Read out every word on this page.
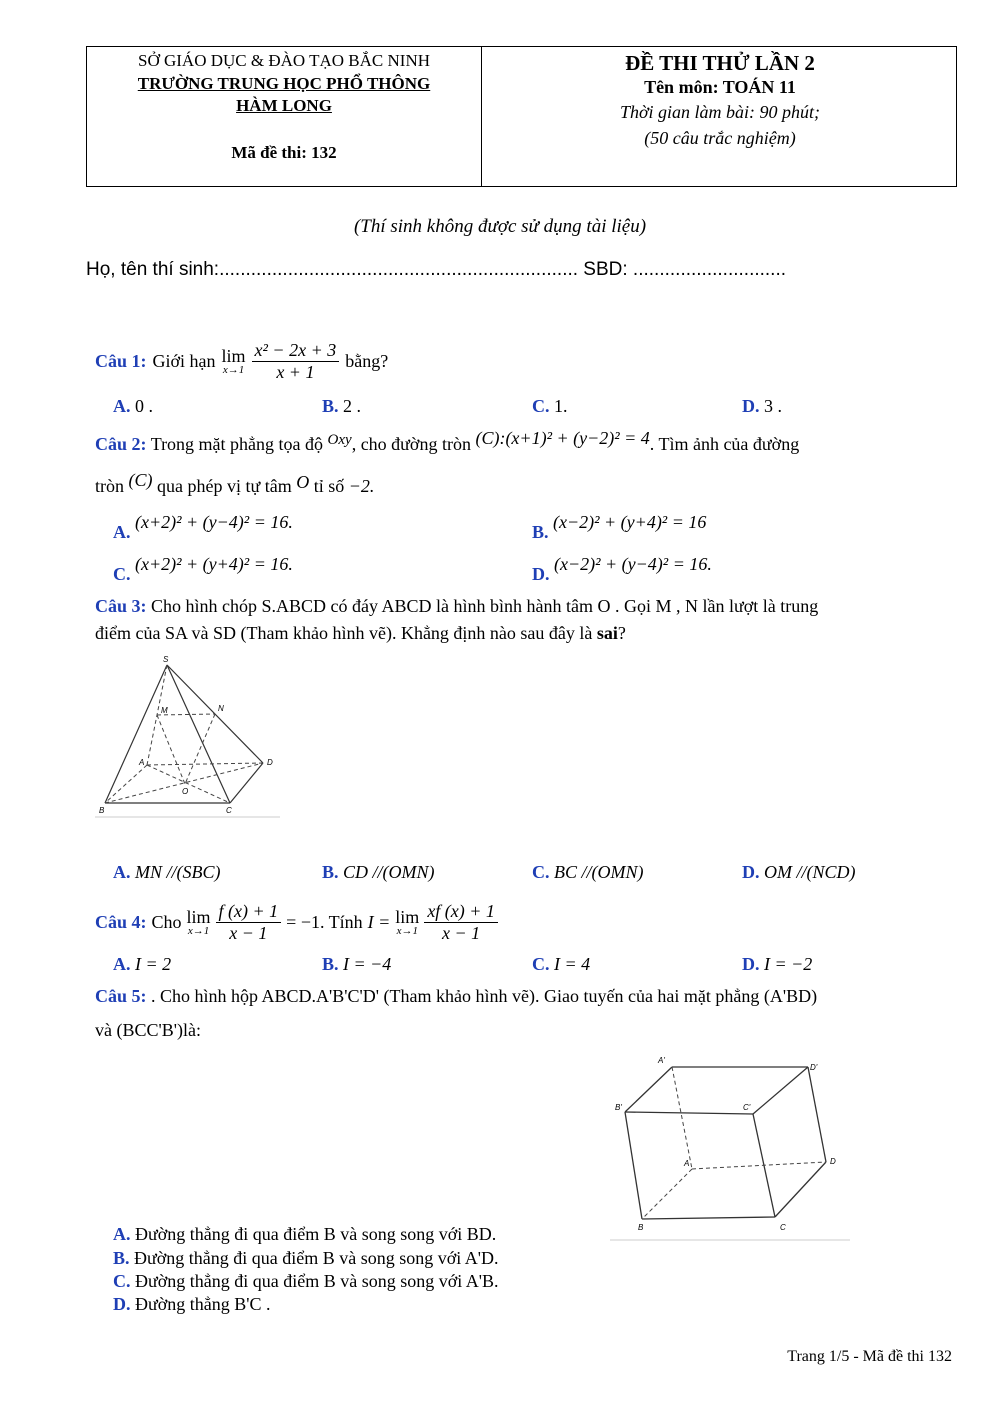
SỞ GIÁO DỤC & ĐÀO TẠO BẮC NINH
TRƯỜNG TRUNG HỌC PHỔ THÔNG
HÀM LONG
Mã đề thi: 132
ĐỀ THI THỬ LẦN 2
Tên môn: TOÁN 11
Thời gian làm bài: 90 phút;
(50 câu trắc nghiệm)
(Thí sinh không được sử dụng tài liệu)
Họ, tên thí sinh:.................................................................... SBD: .............................
Câu 1: Giới hạn lim
$x\to 1 \frac{\text{x² − 2x + 3}}{x + 1}$ bằng?
A. 0 .	B. 2 .	C. 1.	D. 3 .
Câu 2: Trong mặt phẳng tọa độ $^{Oxy}$, cho đường tròn (C):(x+1)² + (y−2)² = 4. Tìm ảnh của đường
tròn (C) qua phép vị tự tâm O tỉ số −2.
A. (x+2)² + (y−4)² = 16.	B. (x−2)² + (y+4)² = 16
C. (x+2)² + (y+4)² = 16.	D. (x−2)² + (y−4)² = 16.
Câu 3: Cho hình chóp S.ABCD có đáy ABCD là hình bình hành tâm O . Gọi M , N lần lượt là trung
điểm của SA và SD (Tham khảo hình vẽ). Khẳng định nào sau đây là sai?
S
M	N
A	D
O
B	C
A. MN //(SBC)	B. CD //(OMN)	C. BC //(OMN)	D. OM //(NCD)
Câu 4: Cho lim
$x\to 1 \frac{f (x) + 1}{x - 1} = -1$. Tính I = lim
$x\to 1 \frac{xf (x) + 1}{x - 1}$
A. I = 2	B. I = −4	C. I = 4	D. I = −2
Câu 5: . Cho hình hộp ABCD.A'B'C'D' (Tham khảo hình vẽ). Giao tuyến của hai mặt phẳng (A'BD)
và (BCC'B')là:
A'
D'
B'	C'
A	D
B	C
A. Đường thẳng đi qua điểm B và song song với BD.
B. Đường thẳng đi qua điểm B và song song với A'D.
C. Đường thẳng đi qua điểm B và song song với A'B.
D. Đường thẳng B'C .
Trang 1/5 - Mã đề thi 132
